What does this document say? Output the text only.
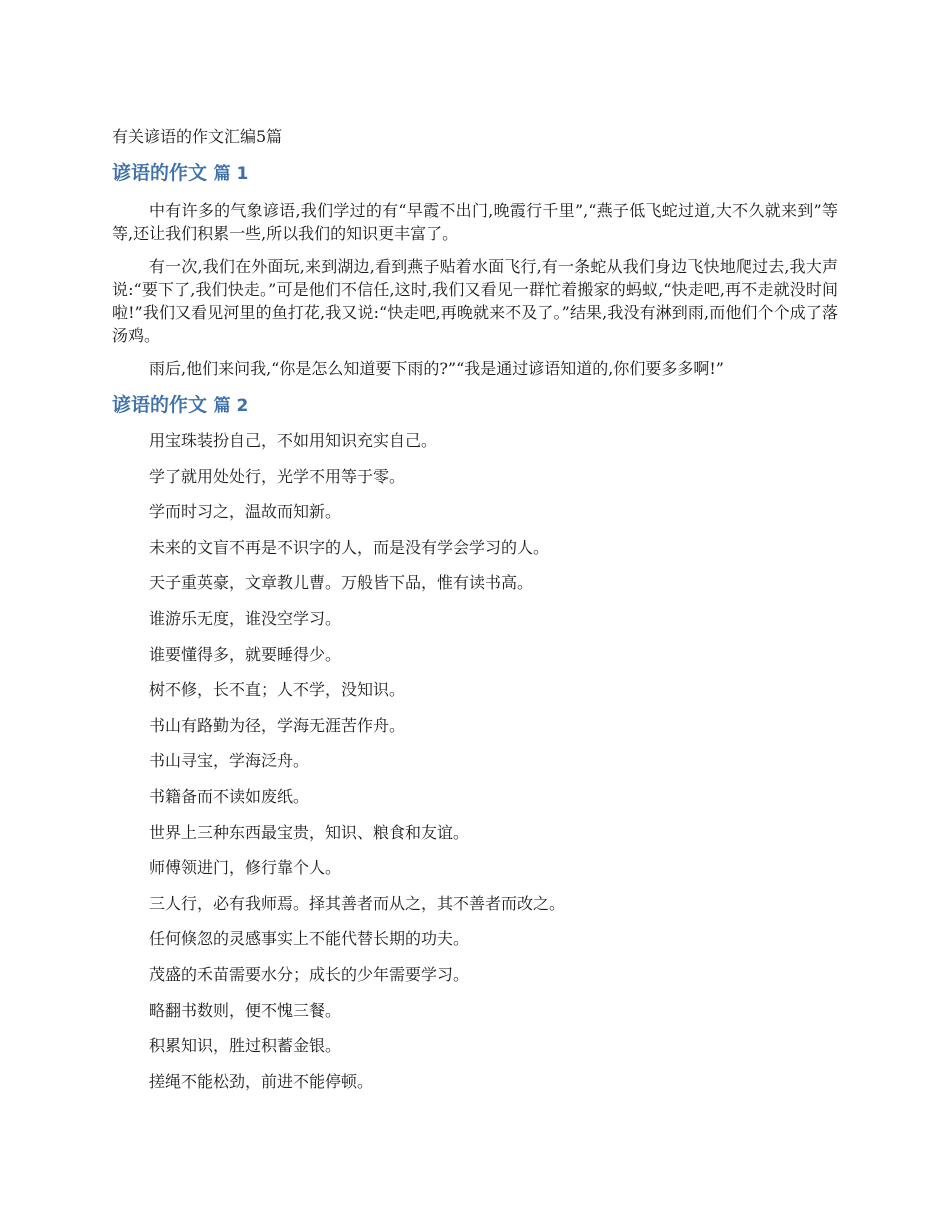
有关谚语的作文汇编5篇
谚语的作文 篇 1

中有许多的气象谚语,我们学过的有“早霞不出门,晚霞行千里”,“燕子低飞蛇过道,大不久就来到”等等,还让我们积累一些,所以我们的知识更丰富了。

有一次,我们在外面玩,来到湖边,看到燕子贴着水面飞行,有一条蛇从我们身边飞快地爬过去,我大声说:“要下了,我们快走。”可是他们不信任,这时,我们又看见一群忙着搬家的蚂蚁,“快走吧,再不走就没时间啦!”我们又看见河里的鱼打花,我又说:“快走吧,再晚就来不及了。”结果,我没有淋到雨,而他们个个成了落汤鸡。

雨后,他们来问我,“你是怎么知道要下雨的?”“我是通过谚语知道的,你们要多多啊!”

谚语的作文 篇 2
用宝珠装扮自己，不如用知识充实自己。
学了就用处处行，光学不用等于零。
学而时习之，温故而知新。
未来的文盲不再是不识字的人，而是没有学会学习的人。
天子重英豪，文章教儿曹。万般皆下品，惟有读书高。
谁游乐无度，谁没空学习。
谁要懂得多，就要睡得少。
树不修，长不直；人不学，没知识。
书山有路勤为径，学海无涯苦作舟。
书山寻宝，学海泛舟。
书籍备而不读如废纸。
世界上三种东西最宝贵，知识、粮食和友谊。
师傅领进门，修行靠个人。
三人行，必有我师焉。择其善者而从之，其不善者而改之。
任何倏忽的灵感事实上不能代替长期的功夫。
茂盛的禾苗需要水分；成长的少年需要学习。
略翻书数则，便不愧三餐。
积累知识，胜过积蓄金银。
搓绳不能松劲，前进不能停顿。
